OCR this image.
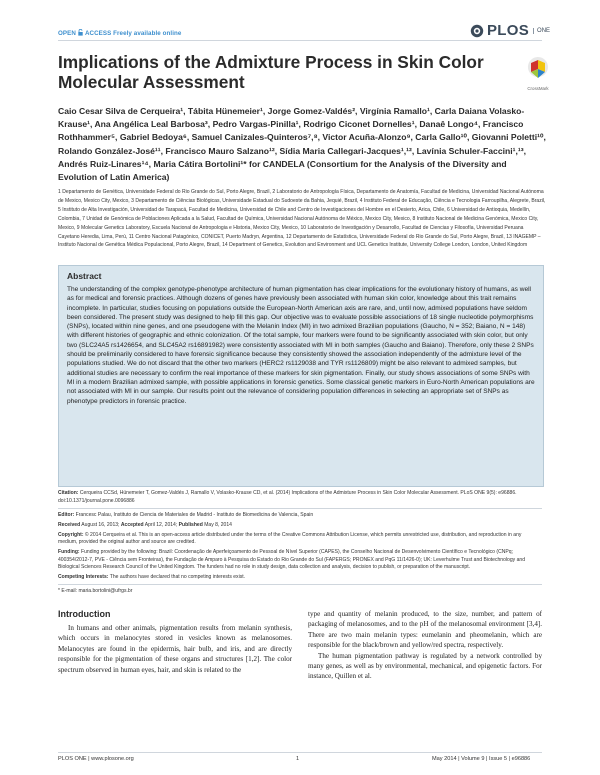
OPEN ACCESS Freely available online	PLOS	ONE
Implications of the Admixture Process in Skin Color Molecular Assessment	CrossMark
Caio Cesar Silva de Cerqueira¹, Tábita Hünemeier¹, Jorge Gomez-Valdés², Virgínia Ramallo¹, Carla Daiana Volasko-Krause¹, Ana Angélica Leal Barbosa³, Pedro Vargas-Pinilla¹, Rodrigo Ciconet Dornelles¹, Danaê Longo⁴, Francisco Rothhammer⁵, Gabriel Bedoya⁶, Samuel Canizales-Quinteros⁷,⁸, Victor Acuña-Alonzo⁹, Carla Gallo¹⁰, Giovanni Poletti¹⁰, Rolando González-José¹¹, Francisco Mauro Salzano¹², Sídia Maria Callegari-Jacques¹,¹², Lavínia Schuler-Faccini¹,¹³, Andrés Ruiz-Linares¹⁴, Maria Cátira Bortolini¹* for CANDELA (Consortium for the Analysis of the Diversity and Evolution of Latin America)
1 Departamento de Genética, Universidade Federal do Rio Grande do Sul, Porto Alegre, Brazil, 2 Laboratorio de Antropología Física, Departamento de Anatomía, Facultad de Medicina, Universidad Nacional Autónoma de Mexico, Mexico City, Mexico, 3 Departamento de Ciências Biológicas, Universidade Estadual do Sudoeste da Bahia, Jequié, Brazil, 4 Instituto Federal de Educação, Ciência e Tecnologia Farroupilha, Alegrete, Brazil, 5 Instituto de Alta Investigación, Universidad de Tarapacá, Facultad de Medicina, Universidad de Chile and Centro de Investigaciones del Hombre en el Desierto, Arica, Chile, 6 Universidad de Antioquia, Medellín, Colombia, 7 Unidad de Genómica de Poblaciones Aplicada a la Salud, Facultad de Química, Universidad Nacional Autónoma de México, Mexico City, Mexico, 8 Instituto Nacional de Medicina Genómica, Mexico City, Mexico, 9 Molecular Genetics Laboratory, Escuela Nacional de Antropologia e Historia, Mexico City, Mexico, 10 Laboratorio de Investigación y Desarrollo, Facultad de Ciencias y Filosofía, Universidad Peruana Cayetano Heredia, Lima, Perú, 11 Centro Nacional Patagónico, CONICET, Puerto Madryn, Argentina, 12 Departamento de Estatística, Universidade Federal do Rio Grande do Sul, Porto Alegre, Brazil, 13 INAGEMP – Instituto Nacional de Genética Médica Populacional, Porto Alegre, Brazil, 14 Department of Genetics, Evolution and Environment and UCL Genetics Institute, University College London, London, United Kingdom
Abstract
The understanding of the complex genotype-phenotype architecture of human pigmentation has clear implications for the evolutionary history of humans, as well as for medical and forensic practices. Although dozens of genes have previously been associated with human skin color, knowledge about this trait remains incomplete. In particular, studies focusing on populations outside the European-North American axis are rare, and, until now, admixed populations have seldom been considered. The present study was designed to help fill this gap. Our objective was to evaluate possible associations of 18 single nucleotide polymorphisms (SNPs), located within nine genes, and one pseudogene with the Melanin Index (MI) in two admixed Brazilian populations (Gaucho, N = 352; Baiano, N = 148) with different histories of geographic and ethnic colonization. Of the total sample, four markers were found to be significantly associated with skin color, but only two (SLC24A5 rs1426654, and SLC45A2 rs16891982) were consistently associated with MI in both samples (Gaucho and Baiano). Therefore, only these 2 SNPs should be preliminarily considered to have forensic significance because they consistently showed the association independently of the admixture level of the populations studied. We do not discard that the other two markers (HERC2 rs1129038 and TYR rs1126809) might be also relevant to admixed samples, but additional studies are necessary to confirm the real importance of these markers for skin pigmentation. Finally, our study shows associations of some SNPs with MI in a modern Brazilian admixed sample, with possible applications in forensic genetics. Some classical genetic markers in Euro-North American populations are not associated with MI in our sample. Our results point out the relevance of considering population differences in selecting an appropriate set of SNPs as phenotype predictors in forensic practice.

Citation: Cerqueira CCSd, Hünemeier T, Gomez-Valdés J, Ramallo V, Volasko-Krause CD, et al. (2014) Implications of the Admixture Process in Skin Color Molecular Assessment. PLoS ONE 9(5): e96886. doi:10.1371/journal.pone.0096886

Editor: Francesc Palau, Instituto de Ciencia de Materiales de Madrid - Instituto de Biomedicina de Valencia, Spain

Received August 16, 2013; Accepted April 12, 2014; Published May 8, 2014

Copyright: © 2014 Cerqueira et al. This is an open-access article distributed under the terms of the Creative Commons Attribution License, which permits unrestricted use, distribution, and reproduction in any medium, provided the original author and source are credited.

Funding: Funding provided by the following: Brazil: Coordenação de Aperfeiçoamento de Pessoal de Nível Superior (CAPES), the Conselho Nacional de Desenvolvimento Científico e Tecnológico (CNPq; 400354/2012-7, PVE - Ciência sem Fronteiras), the Fundação de Amparo à Pesquisa do Estado do Rio Grande do Sul (FAPERGS; PRONEX and PqG 11/1426-0); UK: Leverhulme Trust and Biotechnology and Biological Sciences Research Council of the United Kingdom. The funders had no role in study design, data collection and analysis, decision to publish, or preparation of the manuscript.

Competing Interests: The authors have declared that no competing interests exist.

* E-mail: maria.bortolini@ufrgs.br

Introduction

In humans and other animals, pigmentation results from melanin synthesis, which occurs in melanocytes stored in vesicles known as melanosomes. Melanocytes are found in the epidermis, hair bulb, and iris, and are directly responsible for the pigmentation of these organs and structures [1,2]. The color spectrum observed in human eyes, hair, and skin is related to the

type and quantity of melanin produced, to the size, number, and pattern of packaging of melanosomes, and to the pH of the melanosomal environment [3,4]. There are two main melanin types: eumelanin and pheomelanin, which are responsible for the black/brown and yellow/red spectra, respectively.

The human pigmentation pathway is regulated by a network controlled by many genes, as well as by environmental, mechanical, and epigenetic factors. For instance, Quillen et al.

PLOS ONE | www.plosone.org	1	May 2014 | Volume 9 | Issue 5 | e96886
